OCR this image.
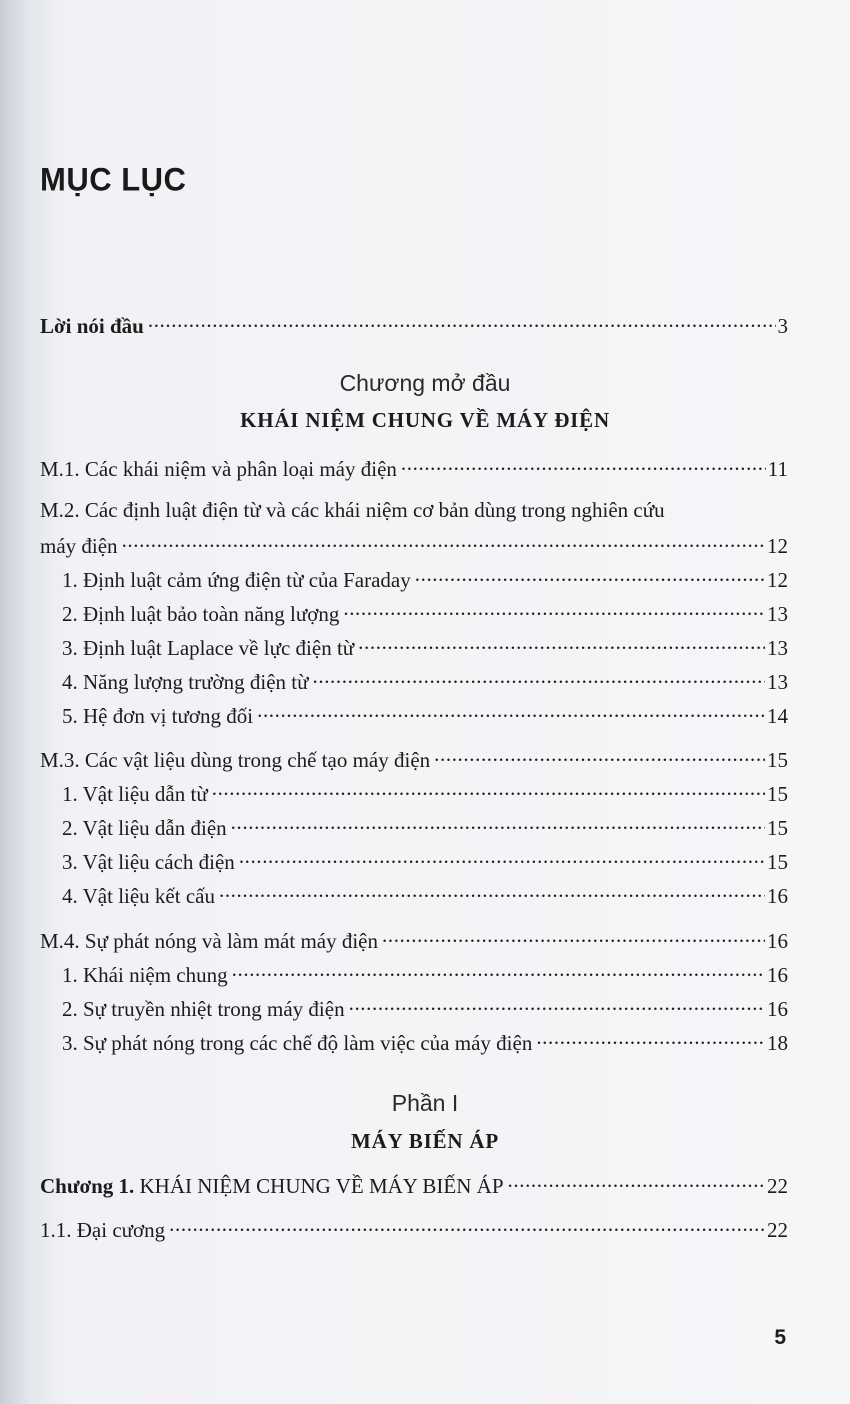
MỤC LỤC
Lời nói đầu .....	3
Chương mở đầu
KHÁI NIỆM CHUNG VỀ MÁY ĐIỆN
M.1. Các khái niệm và phân loại máy điện .....	11
M.2. Các định luật điện từ và các khái niệm cơ bản dùng trong nghiên cứu
máy điện .....	12
1. Định luật cảm ứng điện từ của Faraday .....	12
2. Định luật bảo toàn năng lượng .....	13
3. Định luật Laplace về lực điện từ .....	13
4. Năng lượng trường điện từ .....	13
5. Hệ đơn vị tương đối .....	14
M.3. Các vật liệu dùng trong chế tạo máy điện .....	15
1. Vật liệu dẫn từ .....	15
2. Vật liệu dẫn điện .....	15
3. Vật liệu cách điện .....	15
4. Vật liệu kết cấu .....	16
M.4. Sự phát nóng và làm mát máy điện .....	16
1. Khái niệm chung .....	16
2. Sự truyền nhiệt trong máy điện .....	16
3. Sự phát nóng trong các chế độ làm việc của máy điện .....	18
Phần I
MÁY BIẾN ÁP
Chương 1. KHÁI NIỆM CHUNG VỀ MÁY BIẾN ÁP .....	22
1.1. Đại cương .....	22
5
